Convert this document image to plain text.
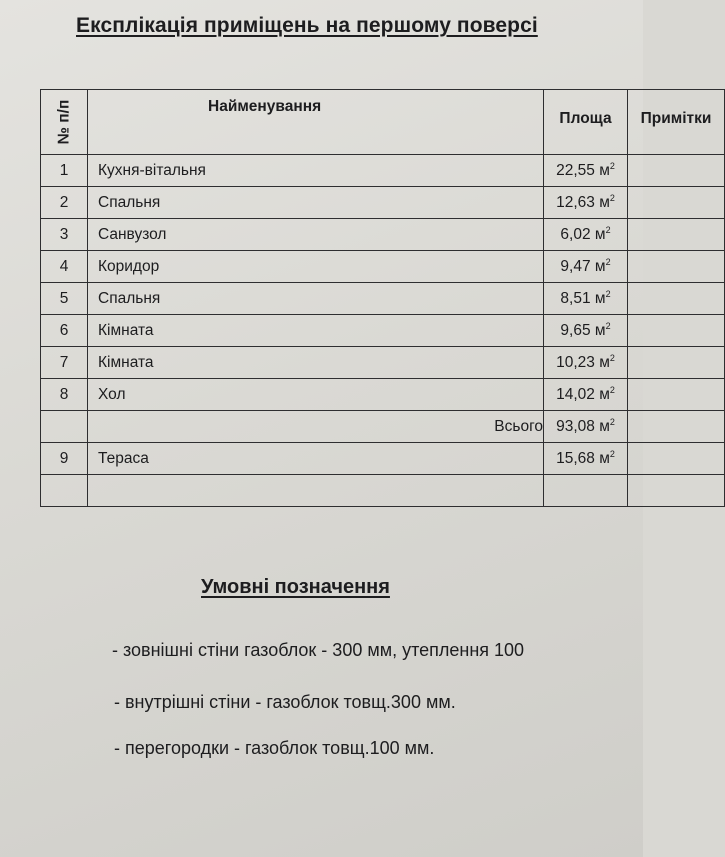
Експлікація приміщень на першому поверсі
№ п/п	Найменування	Площа	Примітки
1	Кухня-вітальня	22,55 $м^2$	
2	Спальня	12,63 $м^2$	
3	Санвузол	6,02 $м^2$	
4	Коридор	9,47 $м^2$	
5	Спальня	8,51 $м^2$	
6	Кімната	9,65 $м^2$	
7	Кімната	10,23 $м^2$	
8	Хол	14,02 $м^2$	
	Всього	93,08 $м^2$	
9	Тераса	15,68 $м^2$	

Умовні позначення
- зовнішні стіни газоблок - 300 мм, утеплення 100
- внутрішні стіни - газоблок товщ.300 мм.
- перегородки - газоблок товщ.100 мм.
